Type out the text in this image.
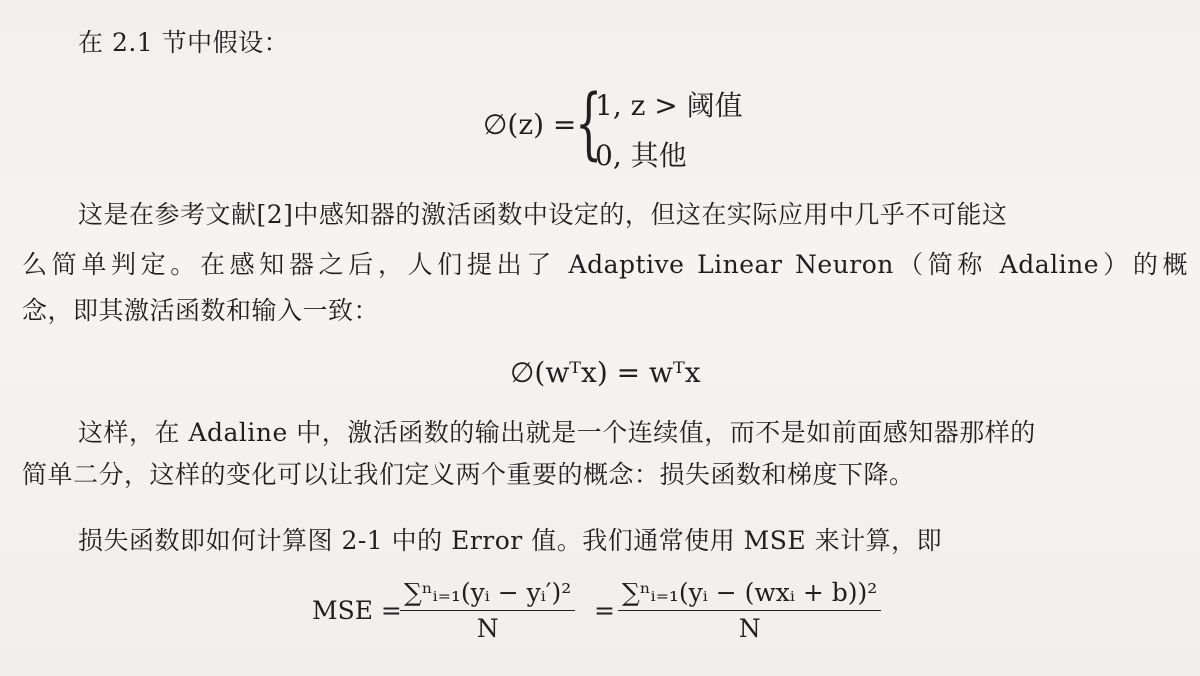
在 2.1 节中假设：
∅(z) =
{
1, z > 阈值
0, 其他
这是在参考文献[2]中感知器的激活函数中设定的，但这在实际应用中几乎不可能这
么简单判定。在感知器之后，人们提出了 Adaptive Linear Neuron（简称 Adaline）的概
念，即其激活函数和输入一致：
∅(wᵀx) = wᵀx
这样，在 Adaline 中，激活函数的输出就是一个连续值，而不是如前面感知器那样的
简单二分，这样的变化可以让我们定义两个重要的概念：损失函数和梯度下降。
损失函数即如何计算图 2-1 中的 Error 值。我们通常使用 MSE 来计算，即
MSE =
$\frac{\text{∑ⁿᵢ₌₁(yᵢ − yᵢ′)²}}{N}$ =
∑ⁿᵢ₌₁(yᵢ − (wxᵢ + b))²
N
